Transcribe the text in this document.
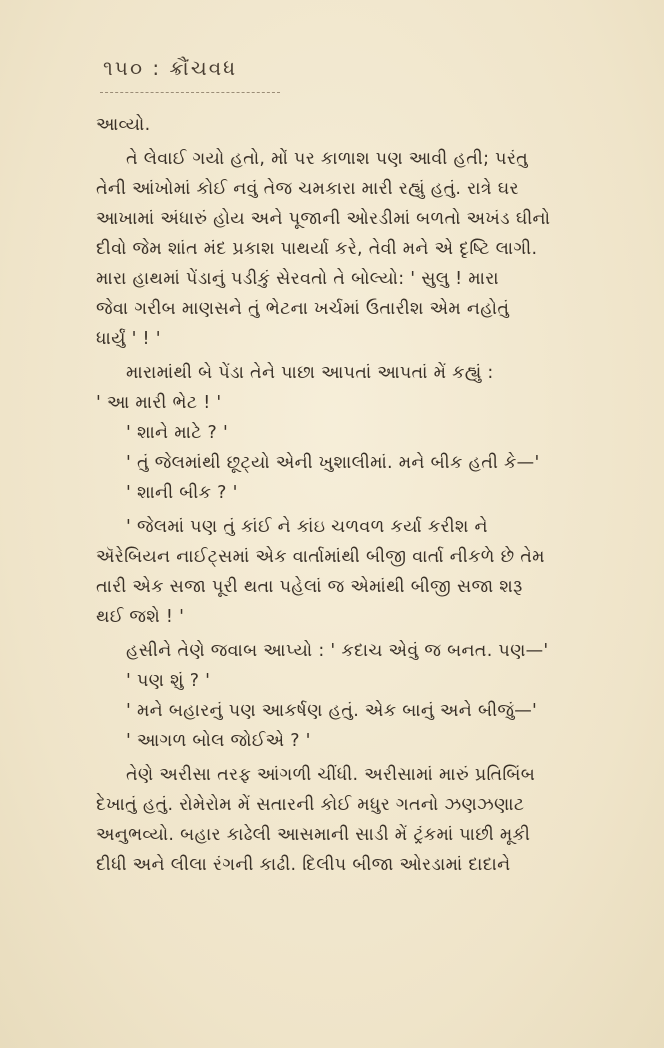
૧૫૦ : ક્રૌંચવધ

આવ્યો.

તે લેવાઈ ગયો હતો, મોં પર કાળાશ પણ આવી હતી; પરંતુ
તેની આંખોમાં કોઈ નવું તેજ ચમકારા મારી રહ્યું હતું. રાત્રે ઘર
આખામાં અંધારું હોય અને પૂજાની ઓરડીમાં બળતો અખંડ ઘીનો
દીવો જેમ શાંત મંદ પ્રકાશ પાથર્યા કરે, તેવી મને એ દૃષ્ટિ લાગી.
મારા હાથમાં પેંડાનું પડીકું સેરવતો તે બોલ્યો: ' સુલુ ! મારા
જેવા ગરીબ માણસને તું ભેટના ખર્ચમાં ઉતારીશ એમ નહોતું
ધાર્યું ' ! '

મારામાંથી બે પેંડા તેને પાછા આપતાં આપતાં મેં કહ્યું :
' આ મારી ભેટ ! '

' શાને માટે ? '

' તું જેલમાંથી છૂટ્યો એની ખુશાલીમાં. મને બીક હતી કે—'

' શાની બીક ? '

' જેલમાં પણ તું કાંઈ ને કાંઇ ચળવળ કર્યા કરીશ ને
ઍરેબિયન નાઈટ્સમાં એક વાર્તામાંથી બીજી વાર્તા નીકળે છે તેમ
તારી એક સજા પૂરી થતા પહેલાં જ એમાંથી બીજી સજા શરૂ
થઈ જશે ! '

હસીને તેણે જવાબ આપ્યો : ' કદાચ એવું જ બનત. પણ—'

' પણ શું ? '

' મને બહારનું પણ આકર્ષણ હતું. એક બાનું અને બીજું—'

' આગળ બોલ જોઈએ ? '

તેણે અરીસા તરફ આંગળી ચીંધી. અરીસામાં મારું પ્રતિબિંબ
દેખાતું હતું. રોમેરોમ મેં સતારની કોઈ મધુર ગતનો ઝણઝણાટ
અનુભવ્યો. બહાર કાઢેલી આસમાની સાડી મેં ટ્રંકમાં પાછી મૂકી
દીધી અને લીલા રંગની કાઢી. દિલીપ બીજા ઓરડામાં દાદાને
